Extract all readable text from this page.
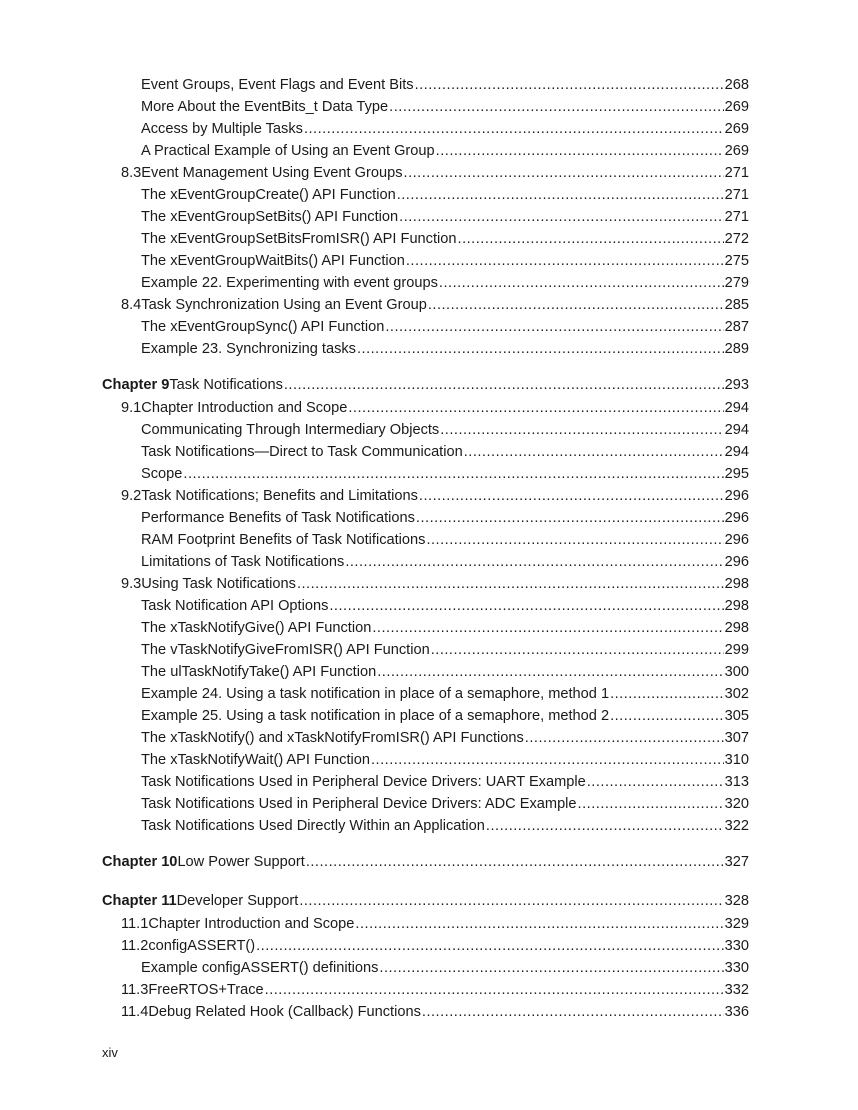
Event Groups, Event Flags and Event Bits .....	268
More About the EventBits_t Data Type .....	269
Access by Multiple Tasks .....	269
A Practical Example of Using an Event Group .....	269
8.3 Event Management Using Event Groups .....	271
The xEventGroupCreate() API Function .....	271
The xEventGroupSetBits() API Function .....	271
The xEventGroupSetBitsFromISR() API Function .....	272
The xEventGroupWaitBits() API Function .....	275
Example 22. Experimenting with event groups .....	279
8.4 Task Synchronization Using an Event Group .....	285
The xEventGroupSync() API Function .....	287
Example 23. Synchronizing tasks .....	289
Chapter 9 Task Notifications .....	293
9.1 Chapter Introduction and Scope .....	294
Communicating Through Intermediary Objects .....	294
Task Notifications—Direct to Task Communication .....	294
Scope .....	295
9.2 Task Notifications; Benefits and Limitations .....	296
Performance Benefits of Task Notifications .....	296
RAM Footprint Benefits of Task Notifications .....	296
Limitations of Task Notifications .....	296
9.3 Using Task Notifications .....	298
Task Notification API Options .....	298
The xTaskNotifyGive() API Function .....	298
The vTaskNotifyGiveFromISR() API Function .....	299
The ulTaskNotifyTake() API Function .....	300
Example 24. Using a task notification in place of a semaphore, method 1 .....	302
Example 25. Using a task notification in place of a semaphore, method 2 .....	305
The xTaskNotify() and xTaskNotifyFromISR() API Functions .....	307
The xTaskNotifyWait() API Function .....	310
Task Notifications Used in Peripheral Device Drivers: UART Example .....	313
Task Notifications Used in Peripheral Device Drivers: ADC Example .....	320
Task Notifications Used Directly Within an Application .....	322
Chapter 10 Low Power Support .....	327
Chapter 11 Developer Support .....	328
11.1 Chapter Introduction and Scope .....	329
11.2 configASSERT() .....	330
Example configASSERT() definitions .....	330
11.3 FreeRTOS+Trace .....	332
11.4 Debug Related Hook (Callback) Functions .....	336
xiv
